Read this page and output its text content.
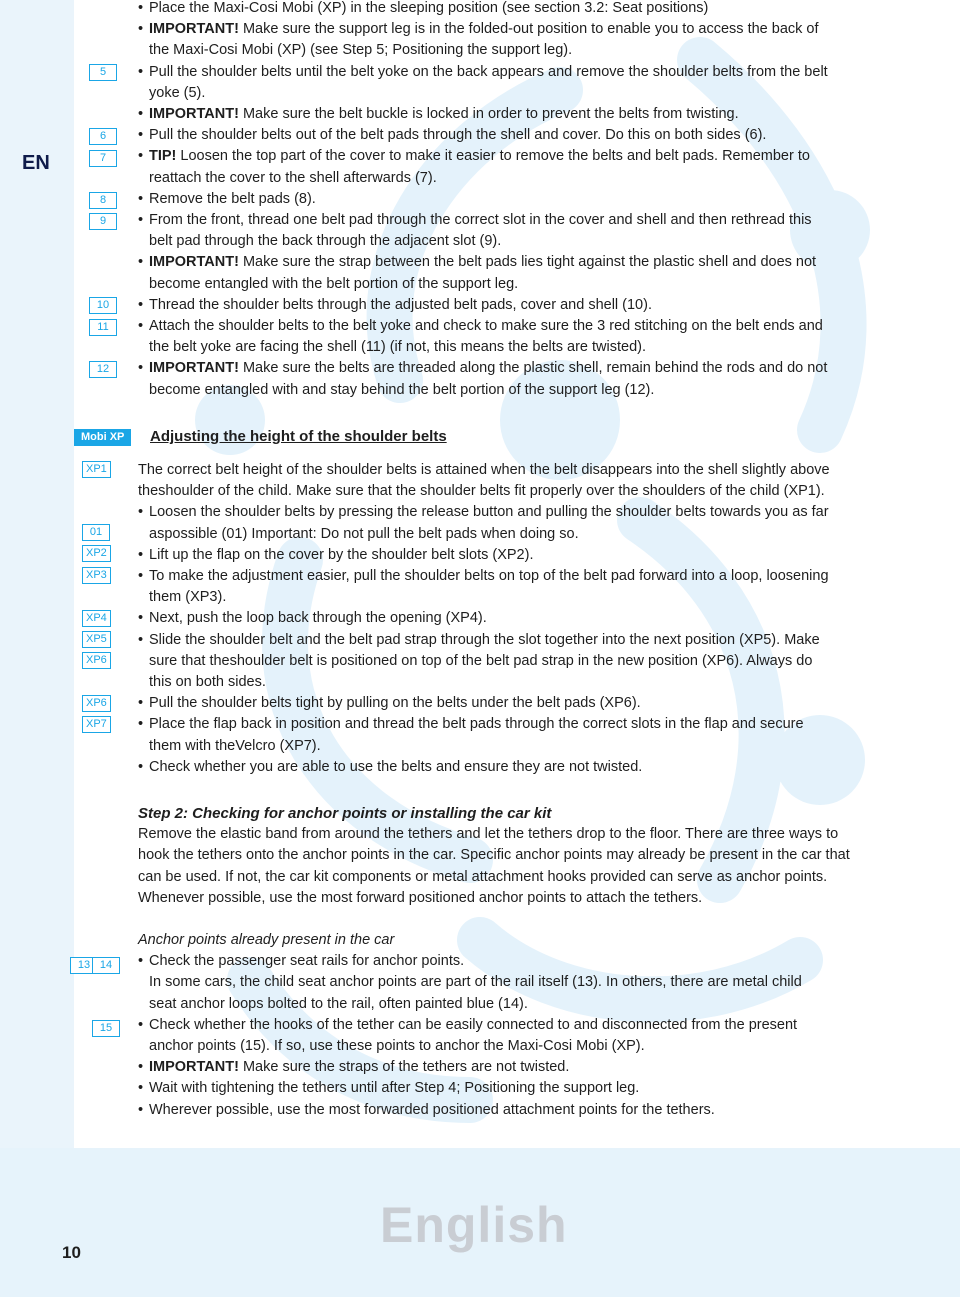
EN
5
6
7
8
9
10
11
12
Mobi XP
XP1
01
XP2
XP3
XP4
XP5
XP6
XP6
XP7
13 14
15
• Place the Maxi-Cosi Mobi (XP) in the sleeping position (see section 3.2: Seat positions)
• IMPORTANT! Make sure the support leg is in the folded-out position to enable you to access the back of
the Maxi-Cosi Mobi (XP) (see Step 5; Positioning the support leg).
• Pull the shoulder belts until the belt yoke on the back appears and remove the shoulder belts from the belt
yoke (5).
• IMPORTANT! Make sure the belt buckle is locked in order to prevent the belts from twisting.
• Pull the shoulder belts out of the belt pads through the shell and cover. Do this on both sides (6).
• TIP! Loosen the top part of the cover to make it easier to remove the belts and belt pads. Remember to
reattach the cover to the shell afterwards (7).
• Remove the belt pads (8).
• From the front, thread one belt pad through the correct slot in the cover and shell and then rethread this
belt pad through the back through the adjacent slot (9).
• IMPORTANT! Make sure the strap between the belt pads lies tight against the plastic shell and does not
become entangled with the belt portion of the support leg.
• Thread the shoulder belts through the adjusted belt pads, cover and shell (10).
• Attach the shoulder belts to the belt yoke and check to make sure the 3 red stitching on the belt ends and
the belt yoke are facing the shell (11) (if not, this means the belts are twisted).
• IMPORTANT! Make sure the belts are threaded along the plastic shell, remain behind the rods and do not
become entangled with and stay behind the belt portion of the support leg (12).
Adjusting the height of the shoulder belts
The correct belt height of the shoulder belts is attained when the belt disappears into the shell slightly above
theshoulder of the child. Make sure that the shoulder belts fit properly over the shoulders of the child (XP1).
• Loosen the shoulder belts by pressing the release button and pulling the shoulder belts towards you as far
aspossible (01) Important: Do not pull the belt pads when doing so.
• Lift up the flap on the cover by the shoulder belt slots (XP2).
• To make the adjustment easier, pull the shoulder belts on top of the belt pad forward into a loop, loosening
them (XP3).
• Next, push the loop back through the opening (XP4).
• Slide the shoulder belt and the belt pad strap through the slot together into the next position (XP5). Make
sure that theshoulder belt is positioned on top of the belt pad strap in the new position (XP6). Always do
this on both sides.
• Pull the shoulder belts tight by pulling on the belts under the belt pads (XP6).
• Place the flap back in position and thread the belt pads through the correct slots in the flap and secure
them with theVelcro (XP7).
• Check whether you are able to use the belts and ensure they are not twisted.
Step 2: Checking for anchor points or installing the car kit
Remove the elastic band from around the tethers and let the tethers drop to the floor. There are three ways to
hook the tethers onto the anchor points in the car. Specific anchor points may already be present in the car that
can be used. If not, the car kit components or metal attachment hooks provided can serve as anchor points.
Whenever possible, use the most forward positioned anchor points to attach the tethers.
Anchor points already present in the car
• Check the passenger seat rails for anchor points.
In some cars, the child seat anchor points are part of the rail itself (13). In others, there are metal child
seat anchor loops bolted to the rail, often painted blue (14).
• Check whether the hooks of the tether can be easily connected to and disconnected from the present
anchor points (15). If so, use these points to anchor the Maxi-Cosi Mobi (XP).
• IMPORTANT! Make sure the straps of the tethers are not twisted.
• Wait with tightening the tethers until after Step 4; Positioning the support leg.
• Wherever possible, use the most forwarded positioned attachment points for the tethers.
10	English
